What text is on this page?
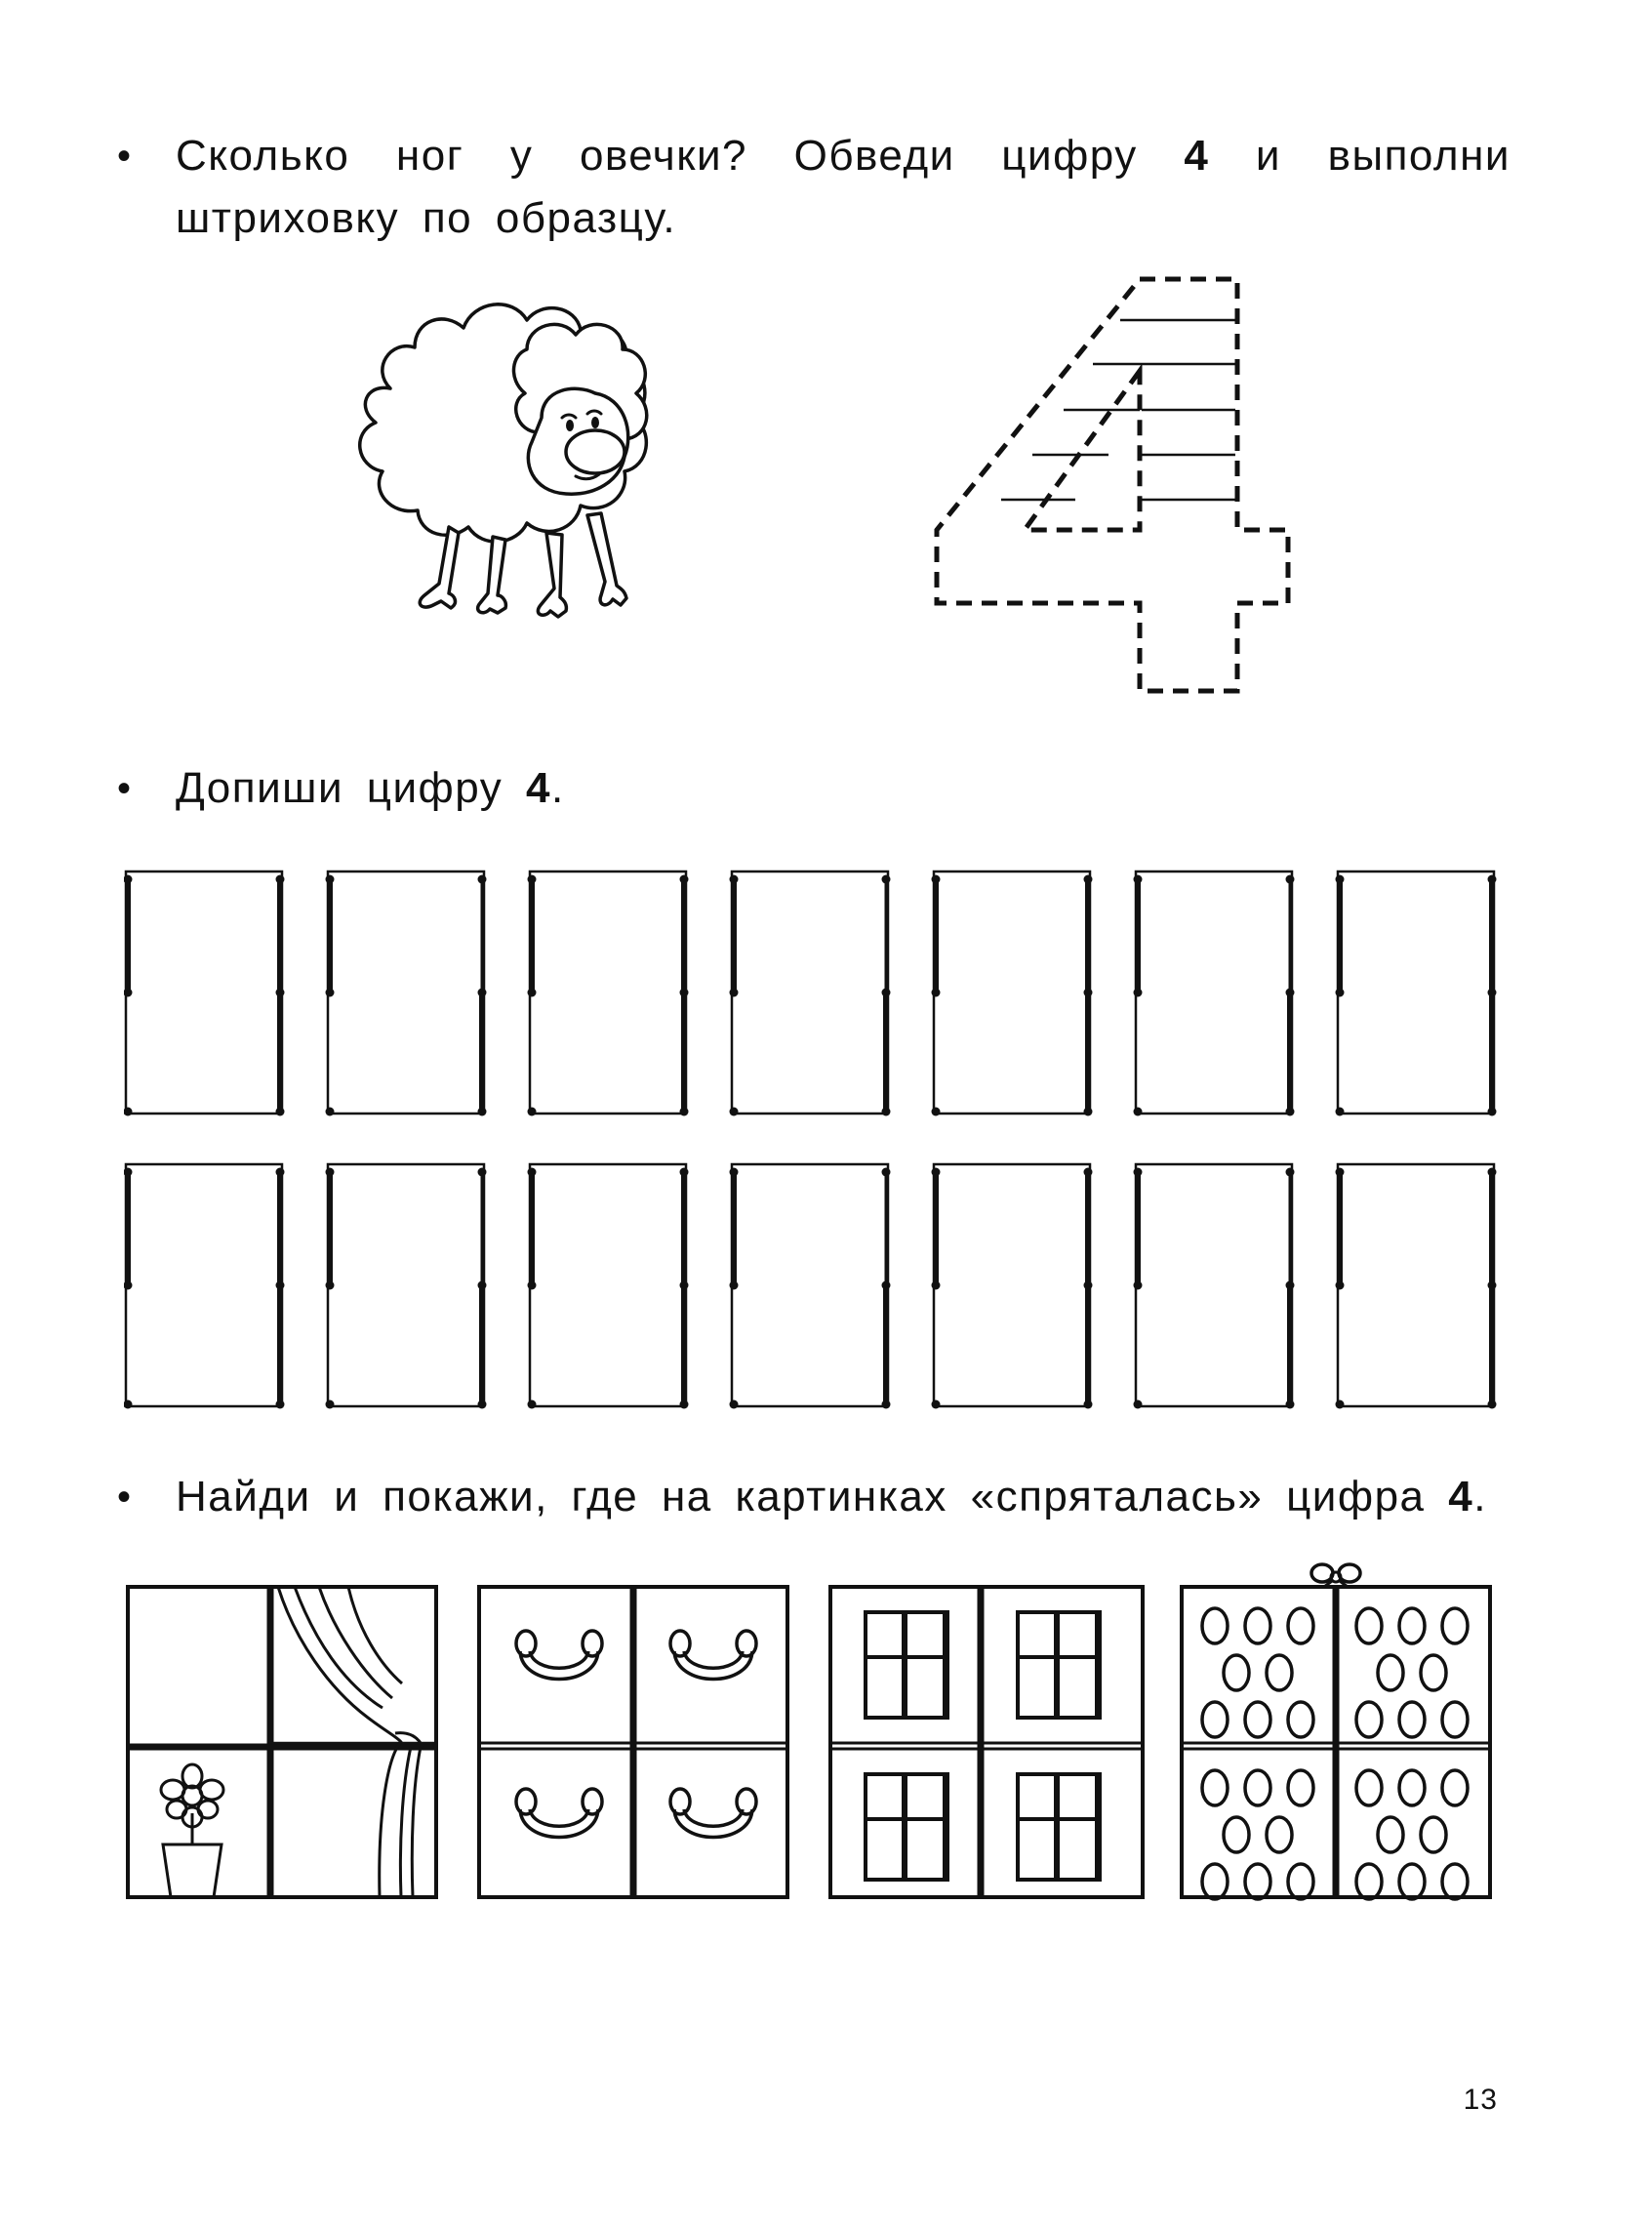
•	Сколько ног у овечки? Обведи цифру 4 и выполни штриховку по образцу.
•	Допиши цифру 4.
•	Найди и покажи, где на картинках «спряталась» цифра 4.
13
